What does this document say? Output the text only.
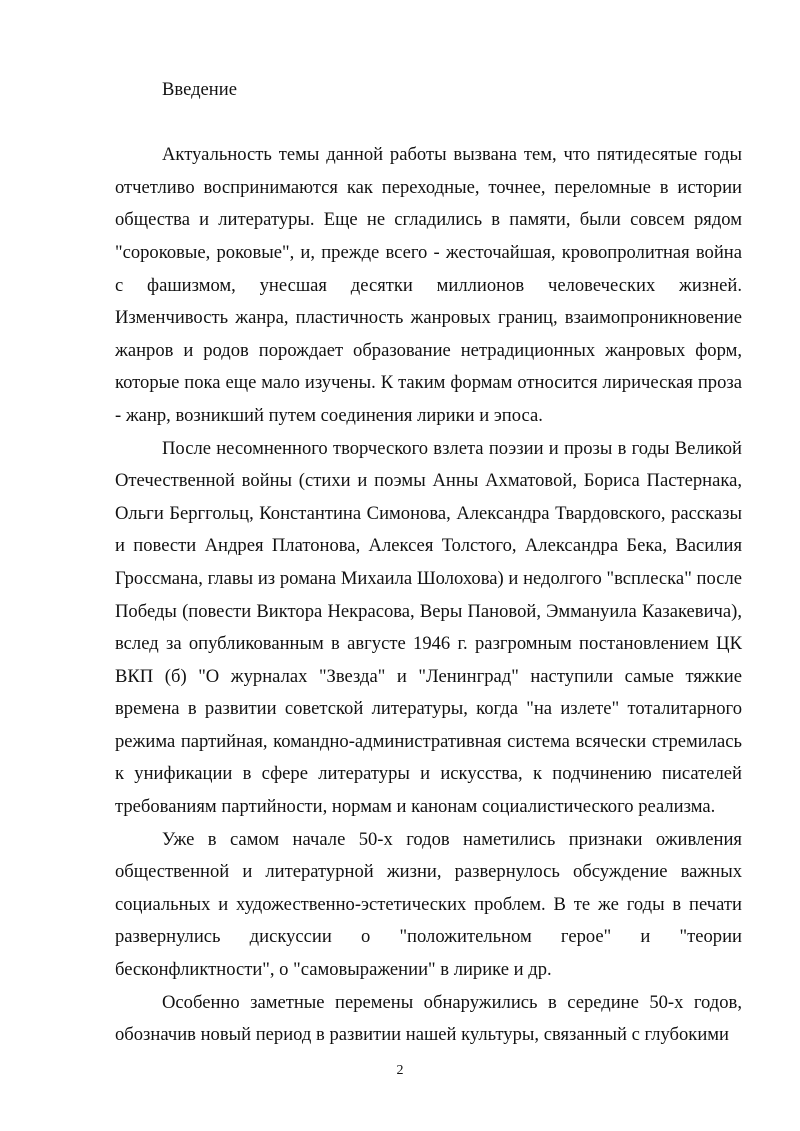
Введение

Актуальность темы данной работы вызвана тем, что пятидесятые годы отчетливо воспринимаются как переходные, точнее, переломные в истории общества и литературы. Еще не сгладились в памяти, были совсем рядом "сороковые, роковые", и, прежде всего - жесточайшая, кровопролитная война с фашизмом, унесшая десятки миллионов человеческих жизней. Изменчивость жанра, пластичность жанровых границ, взаимопроникновение жанров и родов порождает образование нетрадиционных жанровых форм, которые пока еще мало изучены. К таким формам относится лирическая проза - жанр, возникший путем соединения лирики и эпоса.

После несомненного творческого взлета поэзии и прозы в годы Великой Отечественной войны (стихи и поэмы Анны Ахматовой, Бориса Пастернака, Ольги Берггольц, Константина Симонова, Александра Твардовского, рассказы и повести Андрея Платонова, Алексея Толстого, Александра Бека, Василия Гроссмана, главы из романа Михаила Шолохова) и недолгого "всплеска" после Победы (повести Виктора Некрасова, Веры Пановой, Эммануила Казакевича), вслед за опубликованным в августе 1946 г. разгромным постановлением ЦК ВКП (б) "О журналах "Звезда" и "Ленинград" наступили самые тяжкие времена в развитии советской литературы, когда "на излете" тоталитарного режима партийная, командно-административная система всячески стремилась к унификации в сфере литературы и искусства, к подчинению писателей требованиям партийности, нормам и канонам социалистического реализма.

Уже в самом начале 50-х годов наметились признаки оживления общественной и литературной жизни, развернулось обсуждение важных социальных и художественно-эстетических проблем. В те же годы в печати развернулись дискуссии о "положительном герое" и "теории бесконфликтности", о "самовыражении" в лирике и др.

Особенно заметные перемены обнаружились в середине 50-х годов, обозначив новый период в развитии нашей культуры, связанный с глубокими

2
